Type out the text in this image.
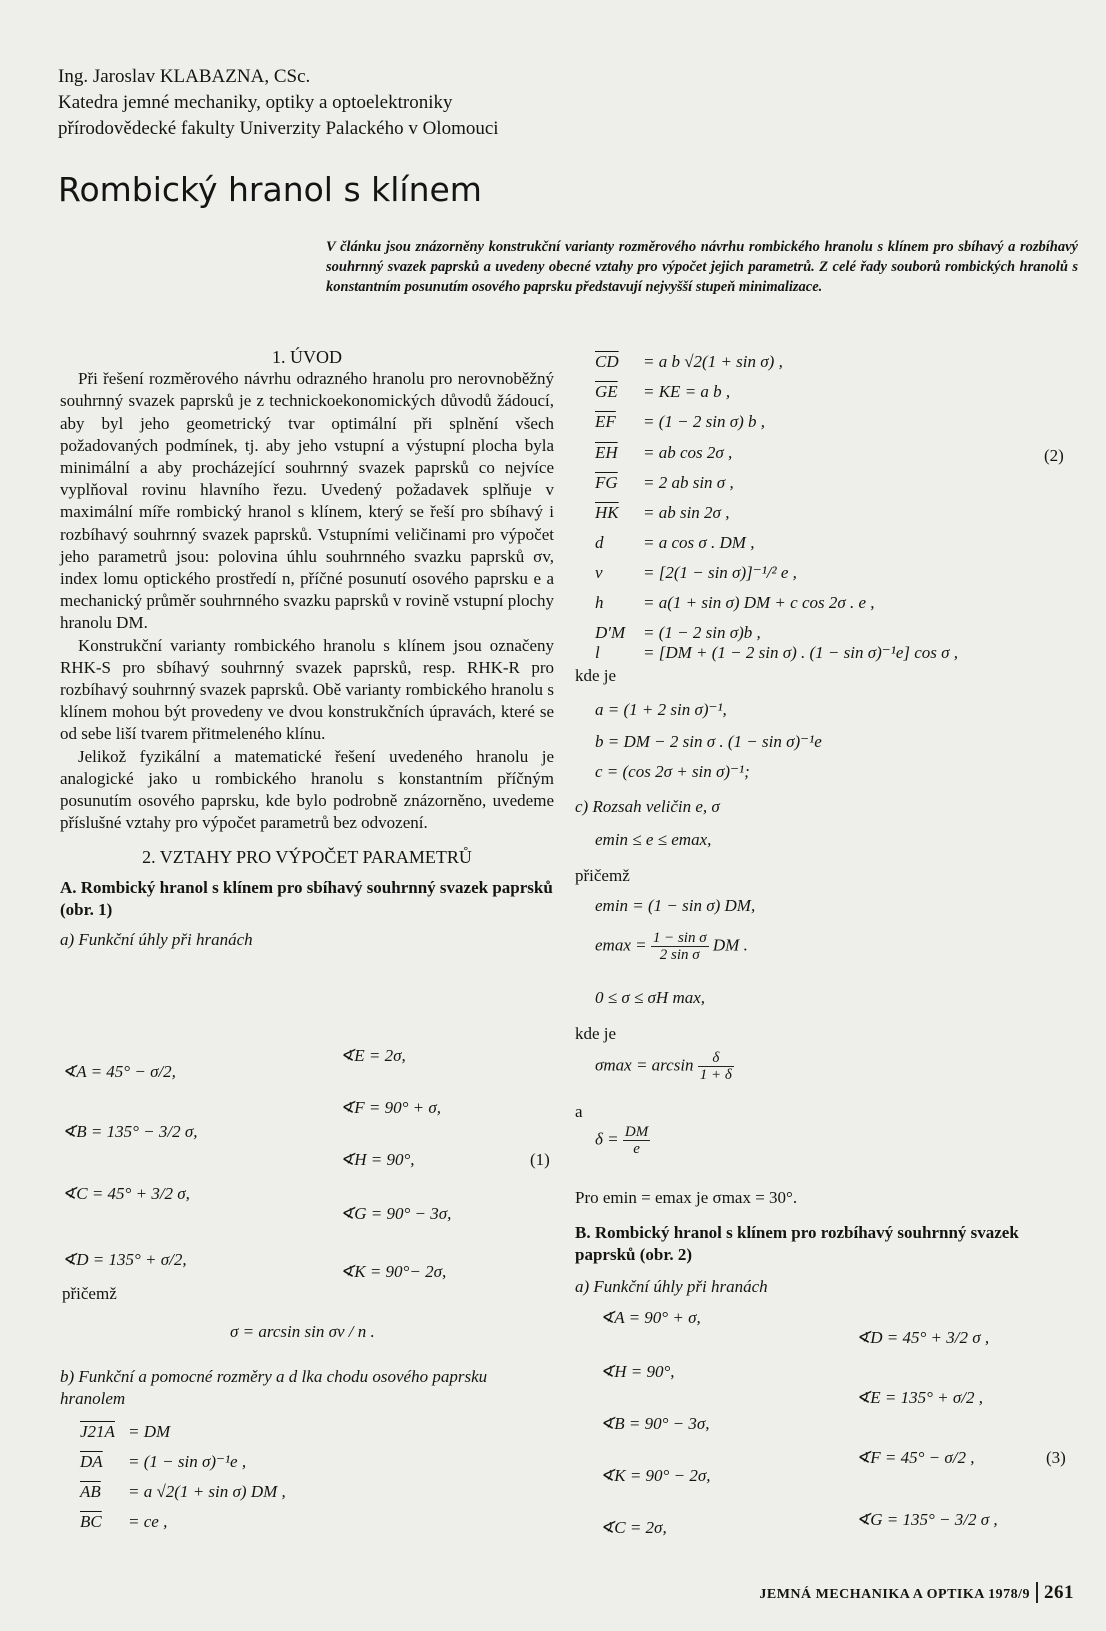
Ing. Jaroslav KLABAZNA, CSc.
Katedra jemné mechaniky, optiky a optoelektroniky
přírodovědecké fakulty Univerzity Palackého v Olomouci
Rombický hranol s klínem
V článku jsou znázorněny konstrukční varianty rozměrového návrhu rombického hranolu s klínem pro sbíhavý a rozbíhavý souhrnný svazek paprsků a uvedeny obecné vztahy pro výpočet jejich parametrů. Z celé řady souborů rombických hranolů s konstantním posunutím osového paprsku představují nejvyšší stupeň minimalizace.
1. ÚVOD

Při řešení rozměrového návrhu odrazného hranolu pro nerovnoběžný souhrnný svazek paprsků je z technickoekonomických důvodů žádoucí, aby byl jeho geometrický tvar optimální při splnění všech požadovaných podmínek, tj. aby jeho vstupní a výstupní plocha byla minimální a aby procházející souhrnný svazek paprsků co nejvíce vyplňoval rovinu hlavního řezu. Uvedený požadavek splňuje v maximální míře rombický hranol s klínem, který se řeší pro sbíhavý i rozbíhavý souhrnný svazek paprsků. Vstupními veličinami pro výpočet jeho parametrů jsou: polovina úhlu souhrnného svazku paprsků σv, index lomu optického prostředí n, příčné posunutí osového paprsku e a mechanický průměr souhrnného svazku paprsků v rovině vstupní plochy hranolu DM.

Konstrukční varianty rombického hranolu s klínem jsou označeny RHK-S pro sbíhavý souhrnný svazek paprsků, resp. RHK-R pro rozbíhavý souhrnný svazek paprsků. Obě varianty rombického hranolu s klínem mohou být provedeny ve dvou konstrukčních úpravách, které se od sebe liší tvarem přitmeleného klínu.

Jelikož fyzikální a matematické řešení uvedeného hranolu je analogické jako u rombického hranolu s konstantním příčným posunutím osového paprsku, kde bylo podrobně znázorněno, uvedeme příslušné vztahy pro výpočet parametrů bez odvození.

2. VZTAHY PRO VÝPOČET PARAMETRŮ
A. Rombický hranol s klínem pro sbíhavý souhrnný svazek paprsků (obr. 1)
a) Funkční úhly při hranách
∢A = 45° − σ/2,
∢B = 135° − 3/2 σ,
∢C = 45° + 3/2 σ,
∢D = 135° + σ/2,
∢E = 2σ,
∢F = 90° + σ,
∢H = 90°,
∢G = 90° − 3σ,
∢K = 90°− 2σ,
(1)
přičemž
σ = arcsin sin σv / n .
b) Funkční a pomocné rozměry a d lka chodu osového paprsku hranolem
J21A = DM
$\overline{DA} = (1 - \sin \sigma)^{-1}e$ ,
$\overline{AB} = a$ √2(1 + sin σ) DM ,
$\overline{BC}$ = ce ,
$\overline{CD} = a$ b √2(1 + sin σ) ,
$\overline{GE}$ = KE = a b ,
$\overline{EF} = (1 - 2$ sin σ) b ,
$\overline{EH}$ = ab cos 2σ ,
$\overline{FG} = 2$ ab sin σ ,
$\overline{HK}$ = ab sin 2σ ,
d = a cos σ . DM ,
v = [2(1 − sin σ)]⁻¹/² e ,
h = a(1 + sin σ) DM + c cos 2σ . e ,
D′M = (1 − 2 sin σ)b ,
l	= [DM + (1 − 2 sin σ) . (1 − sin σ)⁻¹e] cos σ ,
(2)
kde je
a = (1 + 2 sin σ)⁻¹,
b = DM − 2 sin σ . (1 − sin σ)⁻¹e
c = (cos 2σ + sin σ)⁻¹;
c) Rozsah veličin e, σ
emin ≤ e ≤ emax,
přičemž
emin = (1 − sin σ) DM,
$emax = \frac{\text{1 − sin σ}}{\text{2 sin σ}}$ DM .
0 ≤ σ ≤ σH max,
kde je
$\sigma\max = \arcsin \frac{\delta}{1 + \delta}$
a
$\delta = \frac{DM}{e}$
Pro emin = emax je σmax = 30°.
B. Rombický hranol s klínem pro rozbíhavý souhrnný svazek paprsků (obr. 2)
a) Funkční úhly při hranách
∢A = 90° + σ,
∢H = 90°,
∢B = 90° − 3σ,
∢K = 90° − 2σ,
∢C = 2σ,
∢D = 45° + 3/2 σ ,
∢E = 135° + σ/2 ,
∢F = 45° − σ/2 ,
∢G = 135° − 3/2 σ ,
(3)
JEMNÁ MECHANIKA A OPTIKA 1978/9 261
